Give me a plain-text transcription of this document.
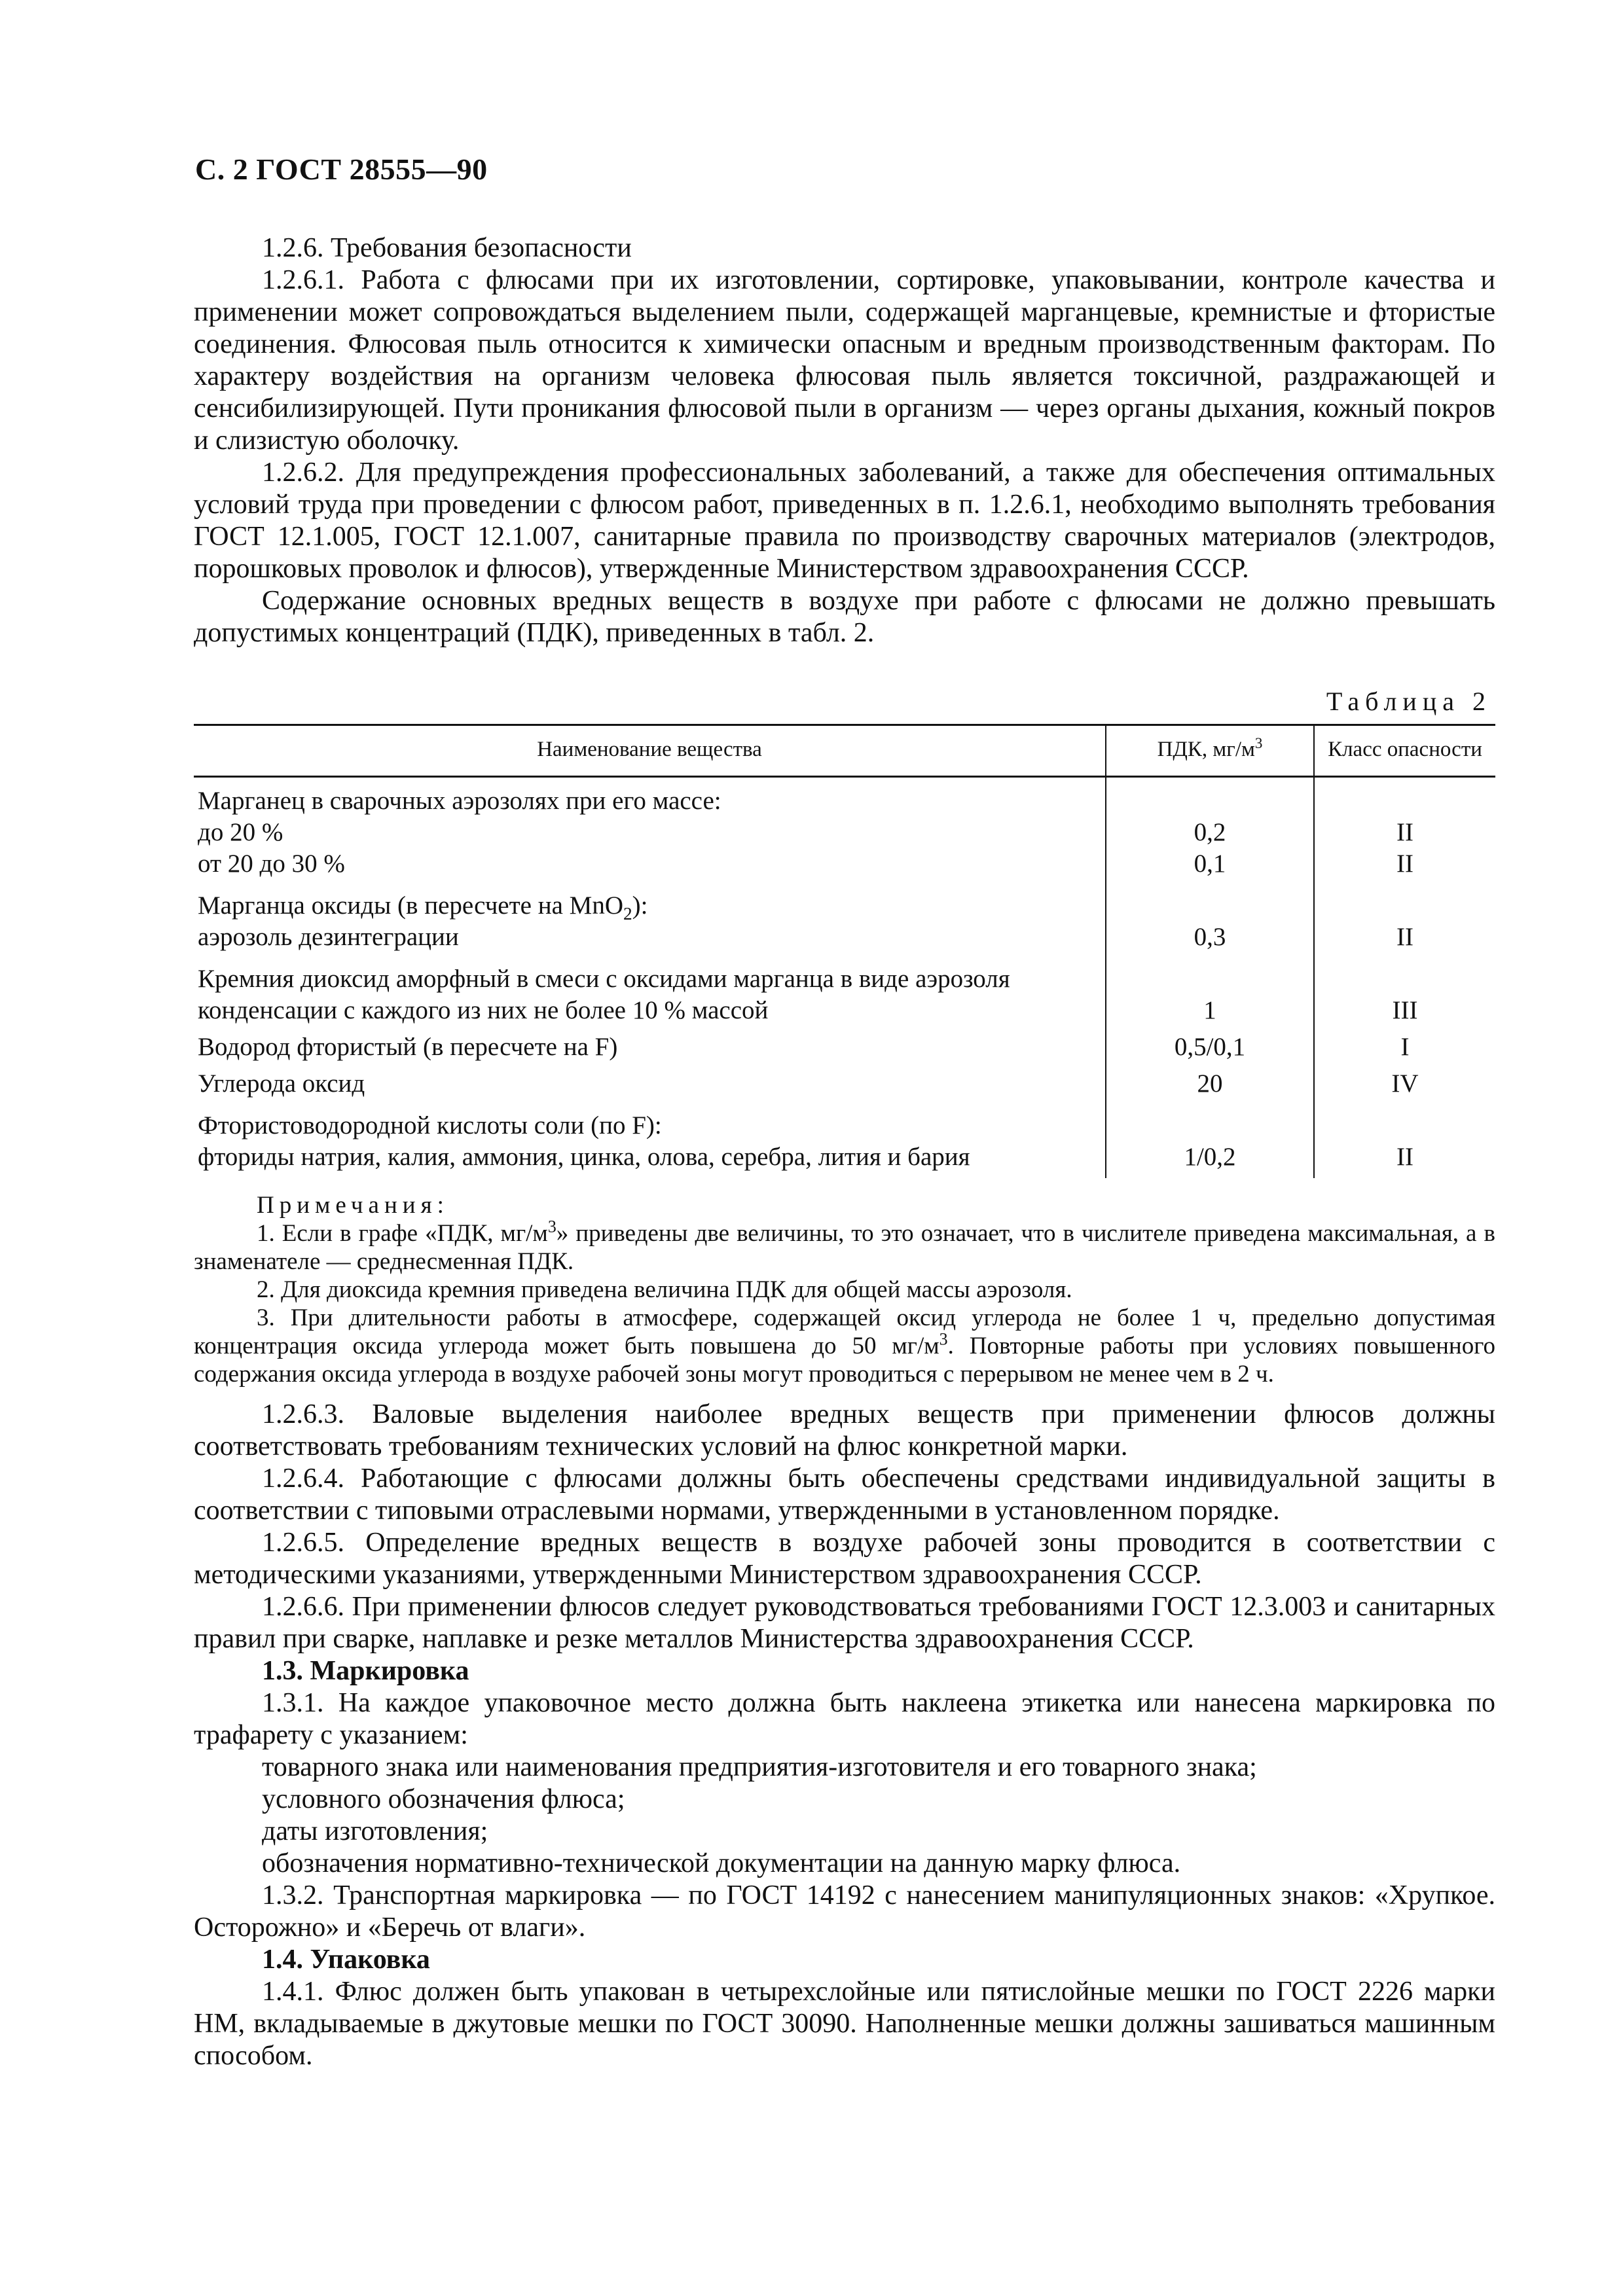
С. 2 ГОСТ 28555—90

1.2.6. Требования безопасности

1.2.6.1. Работа с флюсами при их изготовлении, сортировке, упаковывании, контроле качества и применении может сопровождаться выделением пыли, содержащей марганцевые, кремнистые и фтористые соединения. Флюсовая пыль относится к химически опасным и вредным производственным факторам. По характеру воздействия на организм человека флюсовая пыль является токсичной, раздражающей и сенсибилизирующей. Пути проникания флюсовой пыли в организм — через органы дыхания, кожный покров и слизистую оболочку.

1.2.6.2. Для предупреждения профессиональных заболеваний, а также для обеспечения оптимальных условий труда при проведении с флюсом работ, приведенных в п. 1.2.6.1, необходимо выполнять требования ГОСТ 12.1.005, ГОСТ 12.1.007, санитарные правила по производству сварочных материалов (электродов, порошковых проволок и флюсов), утвержденные Министерством здравоохранения СССР.

Содержание основных вредных веществ в воздухе при работе с флюсами не должно превышать допустимых концентраций (ПДК), приведенных в табл. 2.

Таблица 2
Наименование вещества	ПДК, $мг/м^3$	Класс опасности
Марганец в сварочных аэрозолях при его массе:		
до 20 %	0,2	II
от 20 до 30 %	0,1	II
Марганца оксиды (в пересчете на MnO$_2$):		
аэрозоль дезинтеграции	0,3	II
Кремния диоксид аморфный в смеси с оксидами марганца в виде аэрозоля		
конденсации с каждого из них не более 10 % массой	1	III
Водород фтористый (в пересчете на F)	0,5/0,1	I
Углерода оксид	20	IV
Фтористоводородной кислоты соли (по F):		
фториды натрия, калия, аммония, цинка, олова, серебра, лития и бария	1/0,2	II

Примечания:

1. Если в графе «ПДК, $мг/м^3$» приведены две величины, то это означает, что в числителе приведена максимальная, а в знаменателе — среднесменная ПДК.

2. Для диоксида кремния приведена величина ПДК для общей массы аэрозоля.

3. При длительности работы в атмосфере, содержащей оксид углерода не более 1 ч, предельно допустимая концентрация оксида углерода может быть повышена до 50 $мг/м^3$. Повторные работы при условиях повышенного содержания оксида углерода в воздухе рабочей зоны могут проводиться с перерывом не менее чем в 2 ч.

1.2.6.3. Валовые выделения наиболее вредных веществ при применении флюсов должны соответствовать требованиям технических условий на флюс конкретной марки.

1.2.6.4. Работающие с флюсами должны быть обеспечены средствами индивидуальной защиты в соответствии с типовыми отраслевыми нормами, утвержденными в установленном порядке.

1.2.6.5. Определение вредных веществ в воздухе рабочей зоны проводится в соответствии с методическими указаниями, утвержденными Министерством здравоохранения СССР.

1.2.6.6. При применении флюсов следует руководствоваться требованиями ГОСТ 12.3.003 и санитарных правил при сварке, наплавке и резке металлов Министерства здравоохранения СССР.

1.3. Маркировка

1.3.1. На каждое упаковочное место должна быть наклеена этикетка или нанесена маркировка по трафарету с указанием:

товарного знака или наименования предприятия-изготовителя и его товарного знака;

условного обозначения флюса;

даты изготовления;

обозначения нормативно-технической документации на данную марку флюса.

1.3.2. Транспортная маркировка — по ГОСТ 14192 с нанесением манипуляционных знаков: «Хрупкое. Осторожно» и «Беречь от влаги».

1.4. Упаковка

1.4.1. Флюс должен быть упакован в четырехслойные или пятислойные мешки по ГОСТ 2226 марки НМ, вкладываемые в джутовые мешки по ГОСТ 30090. Наполненные мешки должны зашиваться машинным способом.
